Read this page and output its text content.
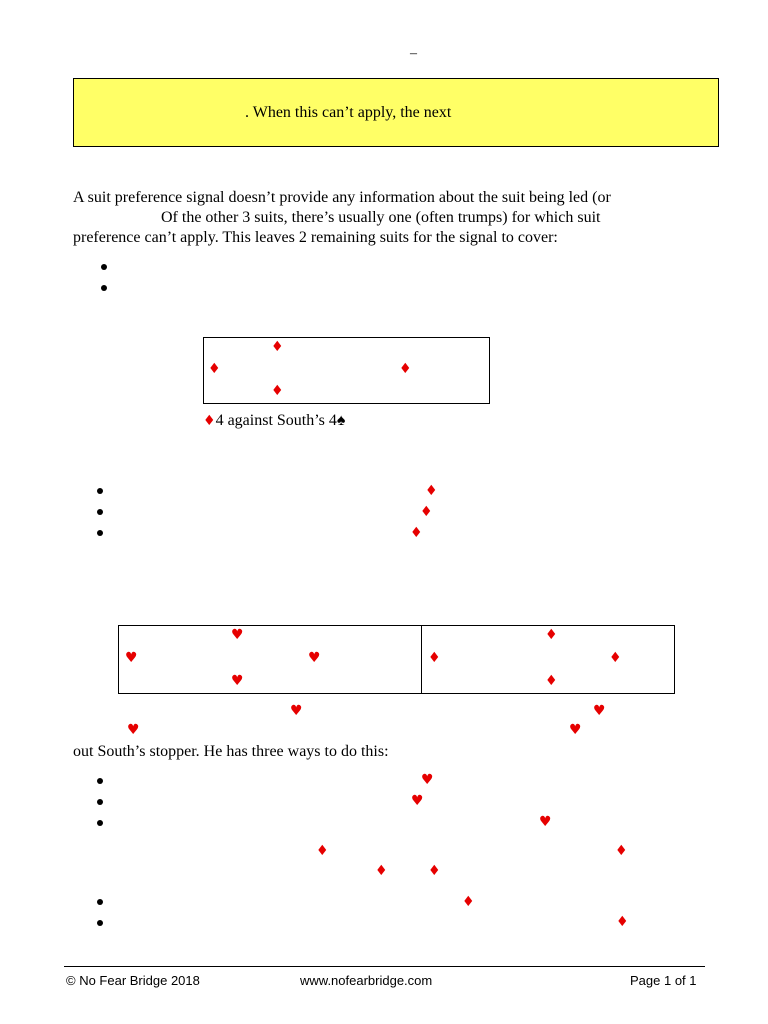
–
. When this can’t apply, the next
A suit preference signal doesn’t provide any information about the suit being led (or
Of the other 3 suits, there’s usually one (often trumps) for which suit
preference can’t apply. This leaves 2 remaining suits for the signal to cover:
♦
♦	♦
♦
♦4 against South’s 4♠
♦
♦
♦
♥
♥	♥
♥
♦
♦	♦
♦
♥	♥
♥	♥
out South’s stopper. He has three ways to do this:
♥
♥
♥
♦	♦
♦	♦
♦
♦
© No Fear Bridge 2018	www.nofearbridge.com	Page 1 of 1
